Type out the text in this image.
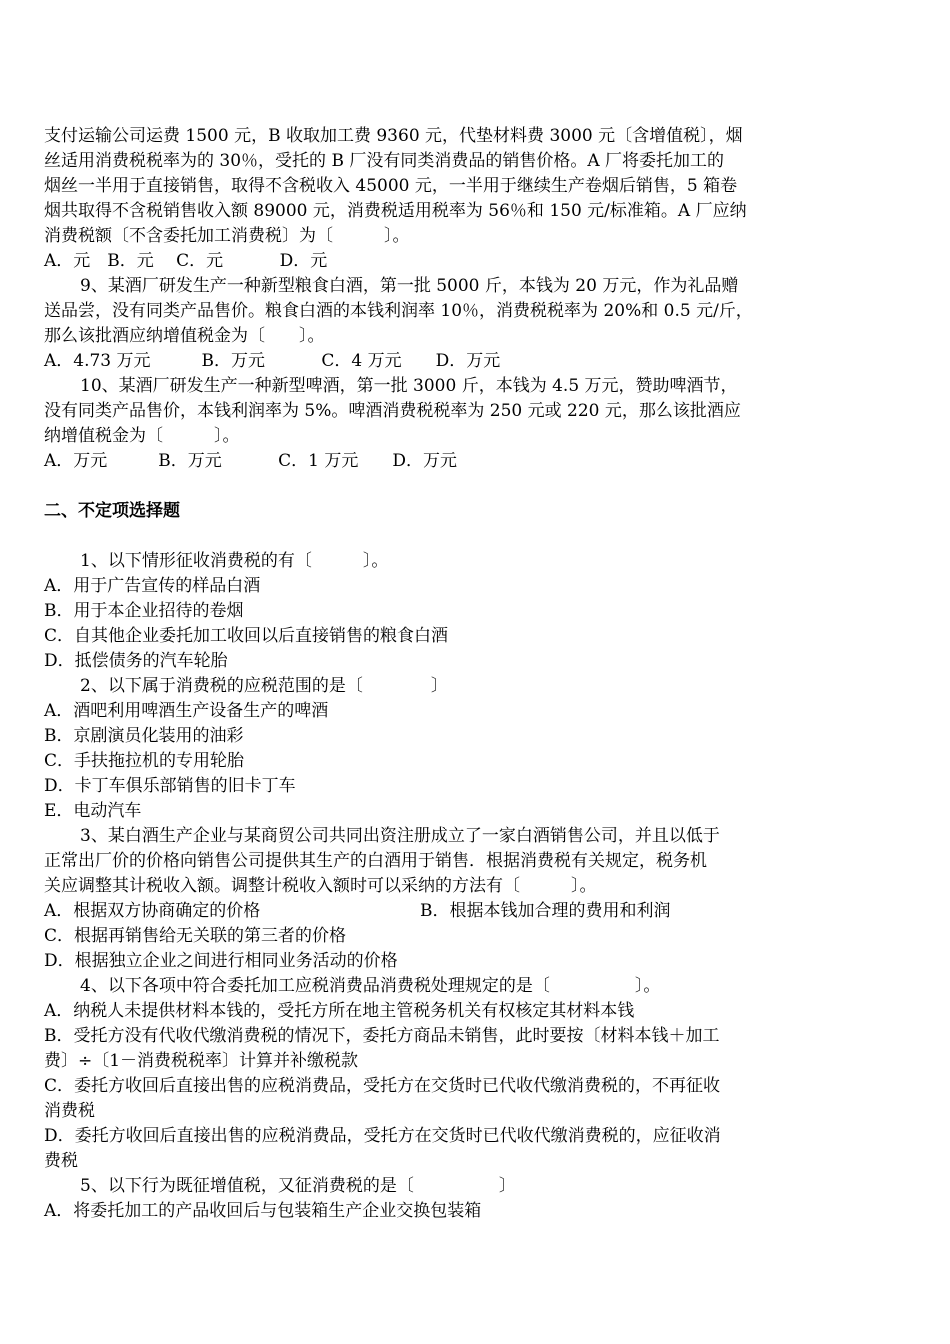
支付运输公司运费 1500 元，B 收取加工费 9360 元，代垫材料费 3000 元〔含增值税〕，烟

丝适用消费税税率为的 30％，受托的 B 厂没有同类消费品的销售价格。A 厂将委托加工的

烟丝一半用于直接销售，取得不含税收入 45000 元，一半用于继续生产卷烟后销售，5 箱卷

烟共取得不含税销售收入额 89000 元，消费税适用税率为 56％和 150 元/标准箱。A 厂应纳

消费税额〔不含委托加工消费税〕为〔　　　〕。

A．元　B．元　 C．元　　　 D．元

9、某酒厂研发生产一种新型粮食白酒，第一批 5000 斤，本钱为 20 万元，作为礼品赠

送品尝，没有同类产品售价。粮食白酒的本钱利润率 10％，消费税税率为 20%和 0.5 元/斤，

那么该批酒应纳增值税金为〔　　〕。

A．4.73 万元　　　B．万元　　　 C．4 万元　　D．万元

10、某酒厂研发生产一种新型啤酒，第一批 3000 斤，本钱为 4.5 万元，赞助啤酒节，

没有同类产品售价，本钱利润率为 5%。啤酒消费税税率为 250 元或 220 元，那么该批酒应

纳增值税金为〔　　　〕。

A．万元　　　B．万元　　　 C．1 万元　　D．万元

二、不定项选择题

1、以下情形征收消费税的有〔　　　〕。

A．用于广告宣传的样品白酒

B．用于本企业招待的卷烟

C．自其他企业委托加工收回以后直接销售的粮食白酒

D．抵偿债务的汽车轮胎

2、以下属于消费税的应税范围的是〔　　　　〕

A．酒吧利用啤酒生产设备生产的啤酒

B．京剧演员化装用的油彩

C．手扶拖拉机的专用轮胎

D．卡丁车俱乐部销售的旧卡丁车

E．电动汽车

3、某白酒生产企业与某商贸公司共同出资注册成立了一家白酒销售公司，并且以低于

正常出厂价的价格向销售公司提供其生产的白酒用于销售．根据消费税有关规定，税务机

关应调整其计税收入额。调整计税收入额时可以采纳的方法有〔　　　〕。

A．根据双方协商确定的价格	B．根据本钱加合理的费用和利润

C．根据再销售给无关联的第三者的价格

D．根据独立企业之间进行相同业务活动的价格

4、以下各项中符合委托加工应税消费品消费税处理规定的是〔　　　　　〕。

A．纳税人未提供材料本钱的，受托方所在地主管税务机关有权核定其材料本钱

B．受托方没有代收代缴消费税的情况下，委托方商品未销售，此时要按〔材料本钱＋加工

费〕÷〔1－消费税税率〕计算并补缴税款

C．委托方收回后直接出售的应税消费品，受托方在交货时已代收代缴消费税的，不再征收

消费税

D．委托方收回后直接出售的应税消费品，受托方在交货时已代收代缴消费税的，应征收消

费税

5、以下行为既征增值税，又征消费税的是〔　　　　　〕

A．将委托加工的产品收回后与包装箱生产企业交换包装箱
